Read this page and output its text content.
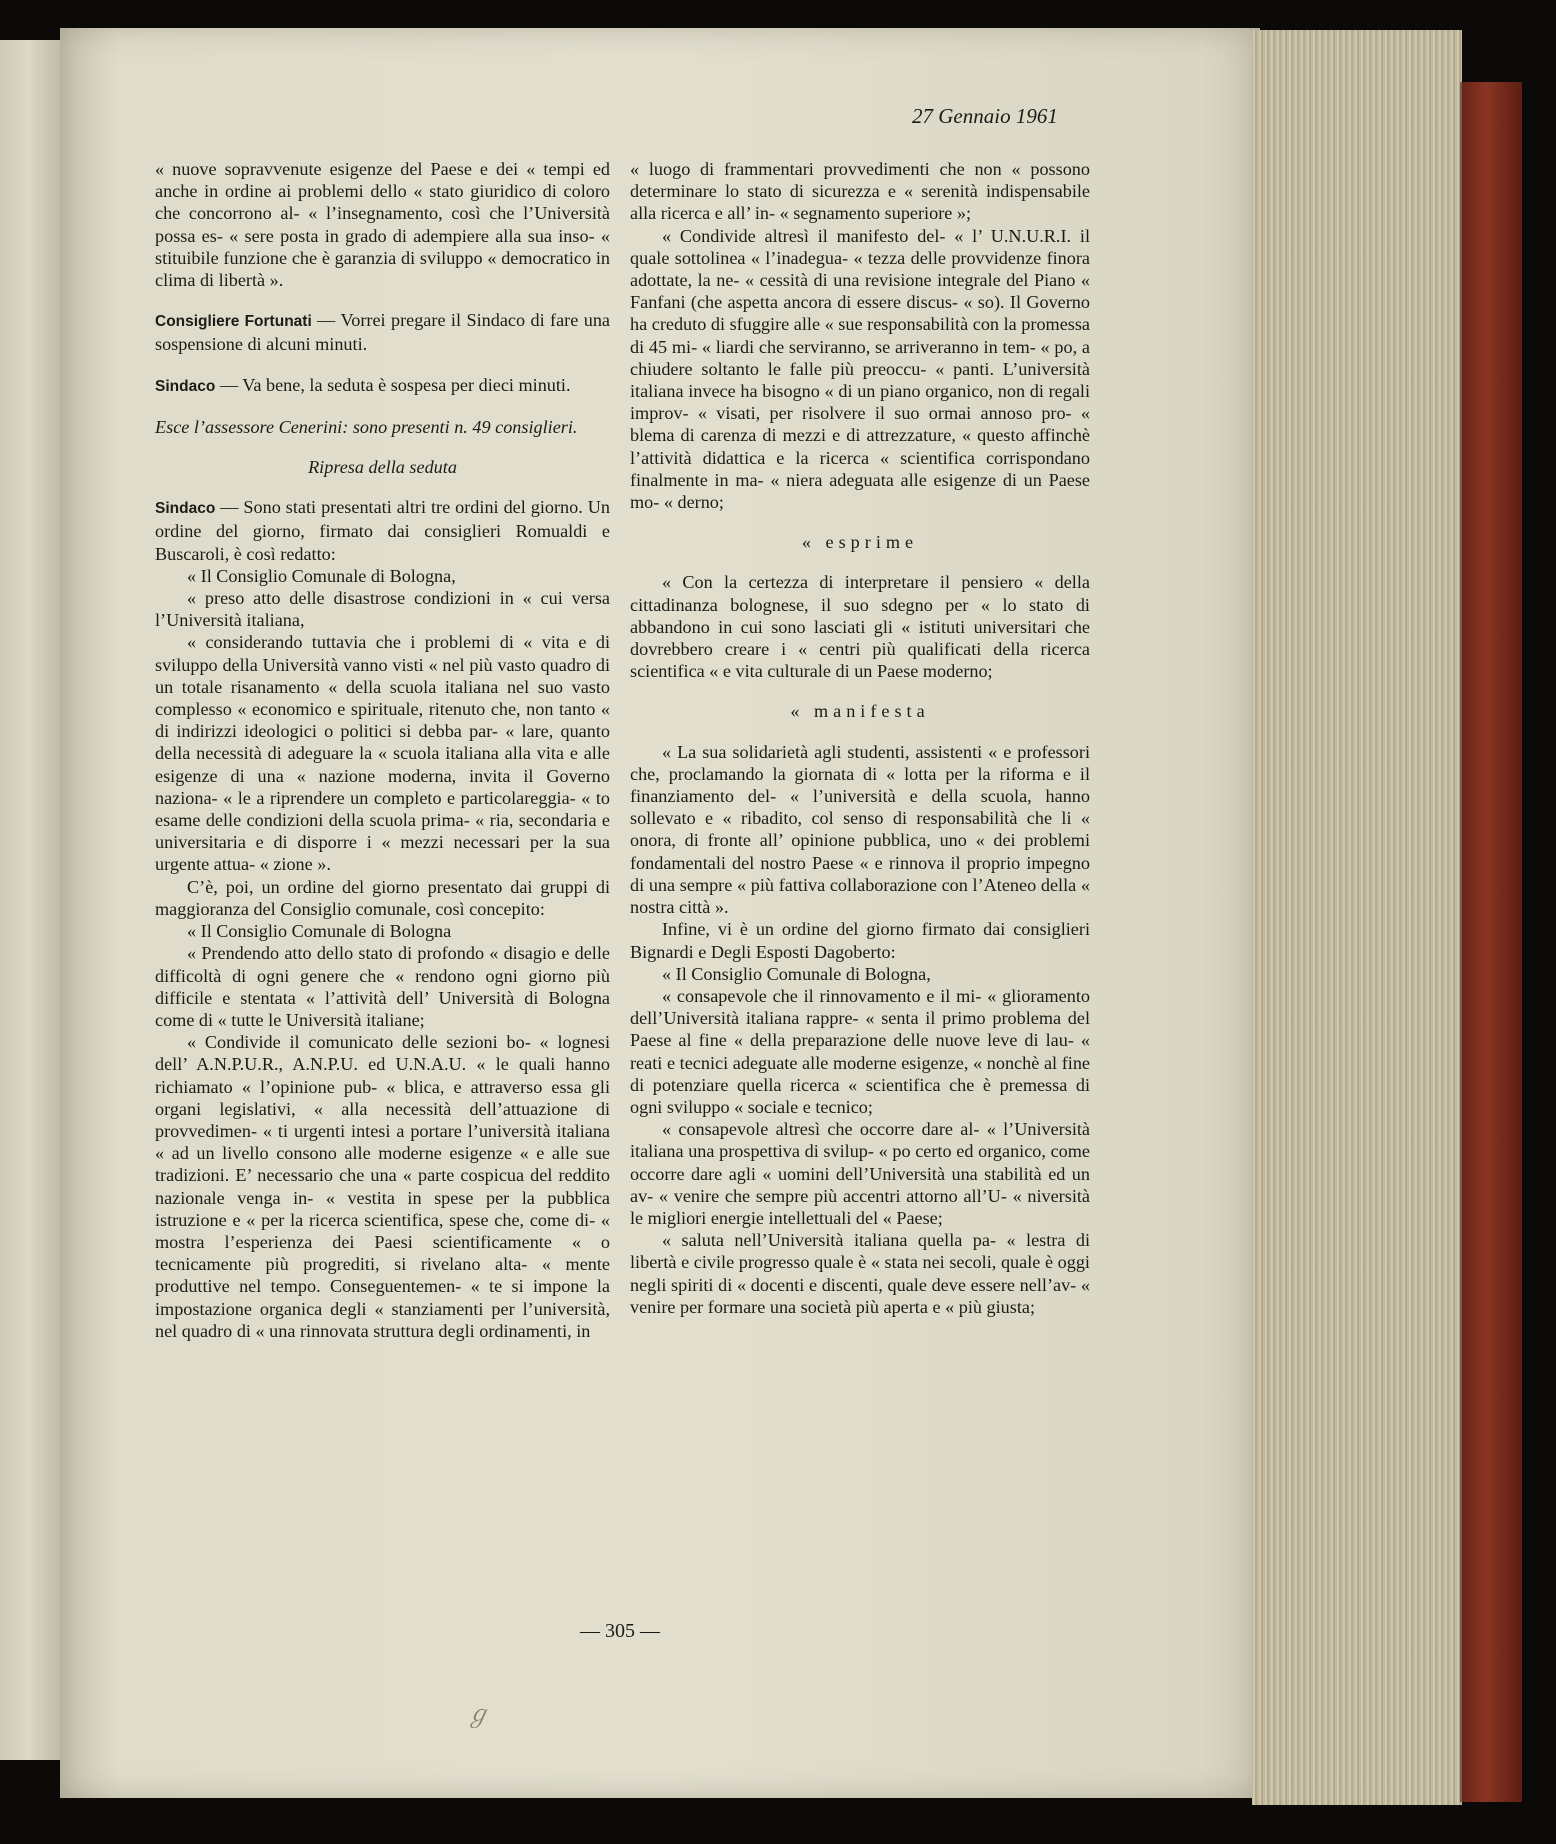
27 Gennaio 1961

« nuove sopravvenute esigenze del Paese e dei « tempi ed anche in ordine ai problemi dello « stato giuridico di coloro che concorrono al- « l’insegnamento, così che l’Università possa es- « sere posta in grado di adempiere alla sua inso- « stituibile funzione che è garanzia di sviluppo « democratico in clima di libertà ».

Consigliere Fortunati — Vorrei pregare il Sindaco di fare una sospensione di alcuni minuti.

Sindaco — Va bene, la seduta è sospesa per dieci minuti.

Esce l’assessore Cenerini: sono presenti n. 49 consiglieri.

Ripresa della seduta

Sindaco — Sono stati presentati altri tre ordini del giorno. Un ordine del giorno, firmato dai consiglieri Romualdi e Buscaroli, è così redatto:

« Il Consiglio Comunale di Bologna,

« preso atto delle disastrose condizioni in « cui versa l’Università italiana,

« considerando tuttavia che i problemi di « vita e di sviluppo della Università vanno visti « nel più vasto quadro di un totale risanamento « della scuola italiana nel suo vasto complesso « economico e spirituale, ritenuto che, non tanto « di indirizzi ideologici o politici si debba par- « lare, quanto della necessità di adeguare la « scuola italiana alla vita e alle esigenze di una « nazione moderna, invita il Governo naziona- « le a riprendere un completo e particolareggia- « to esame delle condizioni della scuola prima- « ria, secondaria e universitaria e di disporre i « mezzi necessari per la sua urgente attua- « zione ».

C’è, poi, un ordine del giorno presentato dai gruppi di maggioranza del Consiglio comunale, così concepito:

« Il Consiglio Comunale di Bologna

« Prendendo atto dello stato di profondo « disagio e delle difficoltà di ogni genere che « rendono ogni giorno più difficile e stentata « l’attività dell’ Università di Bologna come di « tutte le Università italiane;

« Condivide il comunicato delle sezioni bo- « lognesi dell’ A.N.P.U.R., A.N.P.U. ed U.N.A.U. « le quali hanno richiamato « l’opinione pub- « blica, e attraverso essa gli organi legislativi, « alla necessità dell’attuazione di provvedimen- « ti urgenti intesi a portare l’università italiana « ad un livello consono alle moderne esigenze « e alle sue tradizioni. E’ necessario che una « parte cospicua del reddito nazionale venga in- « vestita in spese per la pubblica istruzione e « per la ricerca scientifica, spese che, come di- « mostra l’esperienza dei Paesi scientificamente « o tecnicamente più progrediti, si rivelano alta- « mente produttive nel tempo. Conseguentemen- « te si impone la impostazione organica degli « stanziamenti per l’università, nel quadro di « una rinnovata struttura degli ordinamenti, in

« luogo di frammentari provvedimenti che non « possono determinare lo stato di sicurezza e « serenità indispensabile alla ricerca e all’ in- « segnamento superiore »;

« Condivide altresì il manifesto del- « l’ U.N.U.R.I. il quale sottolinea « l’inadegua- « tezza delle provvidenze finora adottate, la ne- « cessità di una revisione integrale del Piano « Fanfani (che aspetta ancora di essere discus- « so). Il Governo ha creduto di sfuggire alle « sue responsabilità con la promessa di 45 mi- « liardi che serviranno, se arriveranno in tem- « po, a chiudere soltanto le falle più preoccu- « panti. L’università italiana invece ha bisogno « di un piano organico, non di regali improv- « visati, per risolvere il suo ormai annoso pro- « blema di carenza di mezzi e di attrezzature, « questo affinchè l’attività didattica e la ricerca « scientifica corrispondano finalmente in ma- « niera adeguata alle esigenze di un Paese mo- « derno;

« esprime

« Con la certezza di interpretare il pensiero « della cittadinanza bolognese, il suo sdegno per « lo stato di abbandono in cui sono lasciati gli « istituti universitari che dovrebbero creare i « centri più qualificati della ricerca scientifica « e vita culturale di un Paese moderno;

« manifesta

« La sua solidarietà agli studenti, assistenti « e professori che, proclamando la giornata di « lotta per la riforma e il finanziamento del- « l’università e della scuola, hanno sollevato e « ribadito, col senso di responsabilità che li « onora, di fronte all’ opinione pubblica, uno « dei problemi fondamentali del nostro Paese « e rinnova il proprio impegno di una sempre « più fattiva collaborazione con l’Ateneo della « nostra città ».

Infine, vi è un ordine del giorno firmato dai consiglieri Bignardi e Degli Esposti Dagoberto:

« Il Consiglio Comunale di Bologna,

« consapevole che il rinnovamento e il mi- « glioramento dell’Università italiana rappre- « senta il primo problema del Paese al fine « della preparazione delle nuove leve di lau- « reati e tecnici adeguate alle moderne esigenze, « nonchè al fine di potenziare quella ricerca « scientifica che è premessa di ogni sviluppo « sociale e tecnico;

« consapevole altresì che occorre dare al- « l’Università italiana una prospettiva di svilup- « po certo ed organico, come occorre dare agli « uomini dell’Università una stabilità ed un av- « venire che sempre più accentri attorno all’U- « niversità le migliori energie intellettuali del « Paese;

« saluta nell’Università italiana quella pa- « lestra di libertà e civile progresso quale è « stata nei secoli, quale è oggi negli spiriti di « docenti e discenti, quale deve essere nell’av- « venire per formare una società più aperta e « più giusta;

— 305 —
ℊ
